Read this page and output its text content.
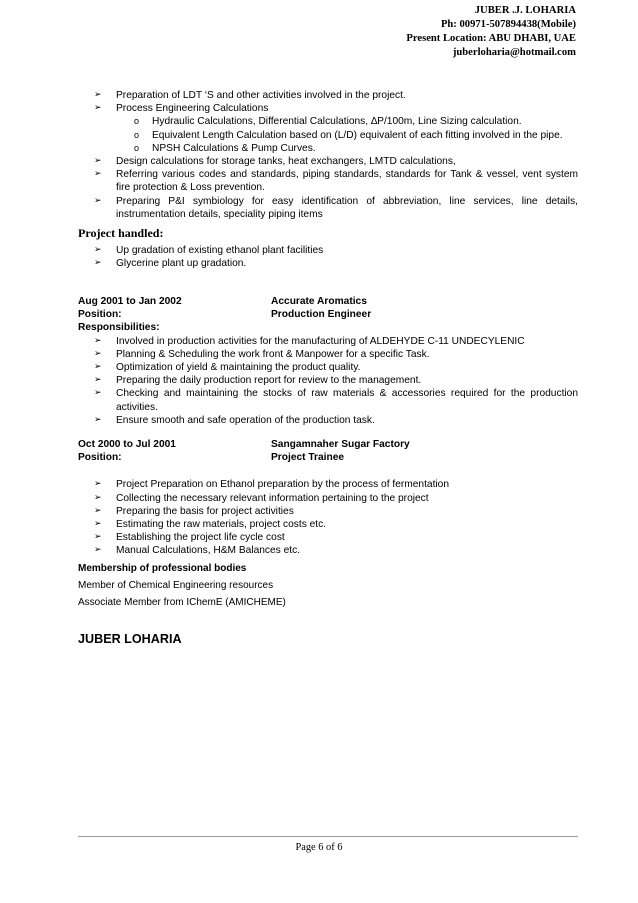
JUBER .J. LOHARIA
Ph: 00971-507894438(Mobile)
Present Location: ABU DHABI, UAE
juberloharia@hotmail.com
➢ Preparation of LDT ‘S and other activities involved in the project.
➢ Process Engineering Calculations
o Hydraulic Calculations, Differential Calculations, ∆P/100m, Line Sizing calculation.
o Equivalent Length Calculation based on (L/D) equivalent of each fitting involved in the pipe.
o NPSH Calculations & Pump Curves.
➢ Design calculations for storage tanks, heat exchangers, LMTD calculations,
➢ Referring various codes and standards, piping standards, standards for Tank & vessel, vent system fire protection & Loss prevention.
➢ Preparing P&I symbiology for easy identification of abbreviation, line services, line details, instrumentation details, speciality piping items
Project handled:
➢ Up gradation of existing ethanol plant facilities
➢ Glycerine plant up gradation.
Aug 2001 to Jan 2002	Accurate Aromatics
Position:	Production Engineer
Responsibilities:
➢ Involved in production activities for the manufacturing of ALDEHYDE C-11 UNDECYLENIC
➢ Planning & Scheduling the work front & Manpower for a specific Task.
➢ Optimization of yield & maintaining the product quality.
➢ Preparing the daily production report for review to the management.
➢ Checking and maintaining the stocks of raw materials & accessories required for the production activities.
➢ Ensure smooth and safe operation of the production task.
Oct 2000 to Jul 2001	Sangamnaher Sugar Factory
Position:	Project Trainee
➢ Project Preparation on Ethanol preparation by the process of fermentation
➢ Collecting the necessary relevant information pertaining to the project
➢ Preparing the basis for project activities
➢ Estimating the raw materials, project costs etc.
➢ Establishing the project life cycle cost
➢ Manual Calculations, H&M Balances etc.
Membership of professional bodies
Member of Chemical Engineering resources
Associate Member from IChemE (AMICHEME)
JUBER LOHARIA
Page 6 of 6
